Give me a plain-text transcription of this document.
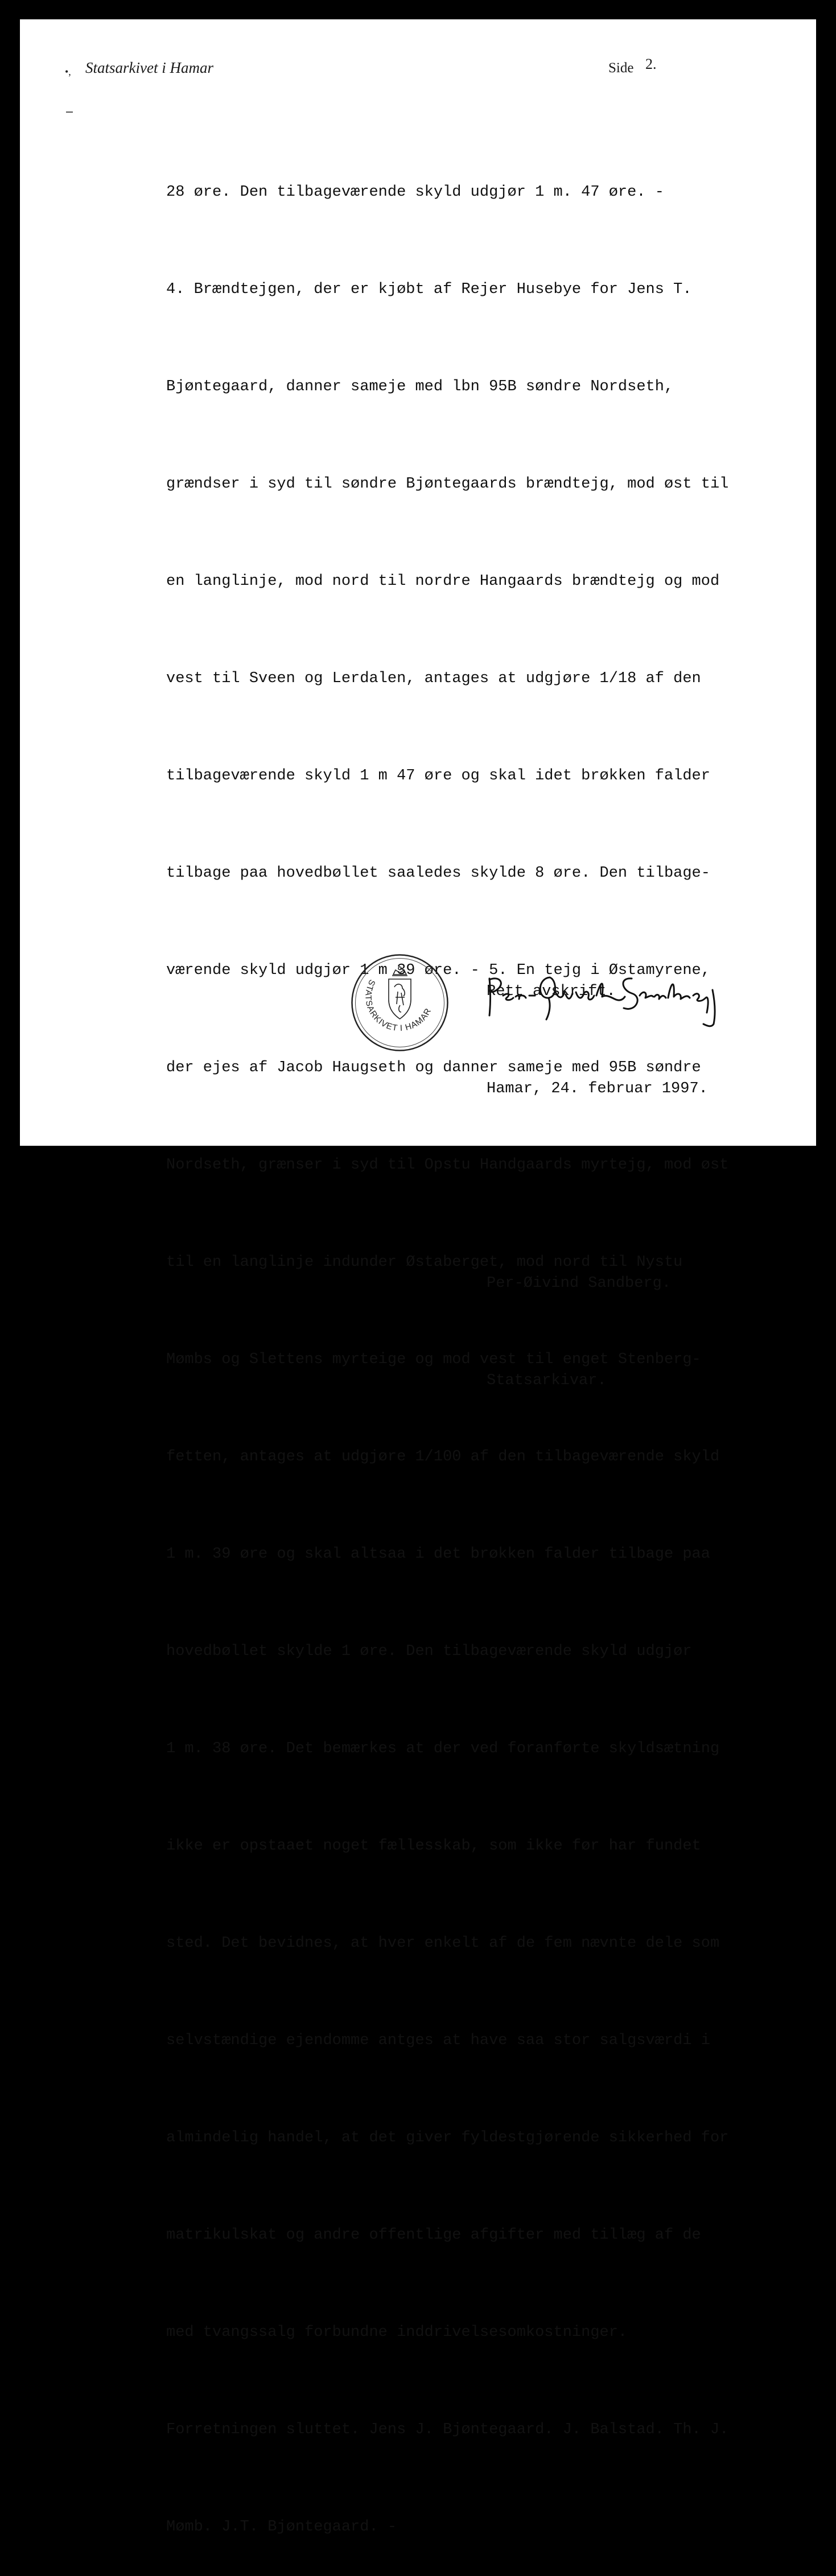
•, Statsarkivet i Hamar	Side 2.

28 øre. Den tilbageværende skyld udgjør 1 m. 47 øre. -

4. Brændtejgen, der er kjøbt af Rejer Husebye for Jens T.

Bjøntegaard, danner sameje med lbn 95B søndre Nordseth,

grændser i syd til søndre Bjøntegaards brændtejg, mod øst til

en langlinje, mod nord til nordre Hangaards brændtejg og mod

vest til Sveen og Lerdalen, antages at udgjøre 1/18 af den

tilbageværende skyld 1 m 47 øre og skal idet brøkken falder

tilbage paa hovedbøllet saaledes skylde 8 øre. Den tilbage-

værende skyld udgjør 1 m 39 øre. - 5. En tejg i Østamyrene,

der ejes af Jacob Haugseth og danner sameje med 95B søndre

Nordseth, grænser i syd til Opstu Handgaards myrtejg, mod øst

til en langlinje indunder Østaberget, mod nord til Nystu

Mømbs og Slettens myrteige og mod vest til enget Stenberg-

fetten, antages at udgjøre 1/100 af den tilbageværende skyld

1 m. 39 øre og skal altsaa i det brøkken falder tilbage paa

hovedbøllet skylde 1 øre. Den tilbageværende skyld udgjør

1 m. 38 øre. Det bemærkes at der ved foranførte skyldsætning

ikke er opstaaet noget fællesskab, som ikke før har fundet

sted. Det bevidnes, at hver enkelt af de fem nævnte dele som

selvstændige ejendomme antges at have saa stor salgsværdi i

almindelig handel, at det giver fyldestgjørende sikkerhed for

matrikulskat og andre offentlige afgifter med tillæg af de

med tvangssalg forbundne inddrivelsesomkostninger.

Forretningen sluttet. Jens J. Bjøntegaard. J. Balstad. Th. J.

Mømb. J.T. Bjøntegaard. -

Rett avskrift.

Hamar, 24. februar 1997.

Per-Øivind Sandberg.

Statsarkivar.

STATSARKIVET I HAMAR
